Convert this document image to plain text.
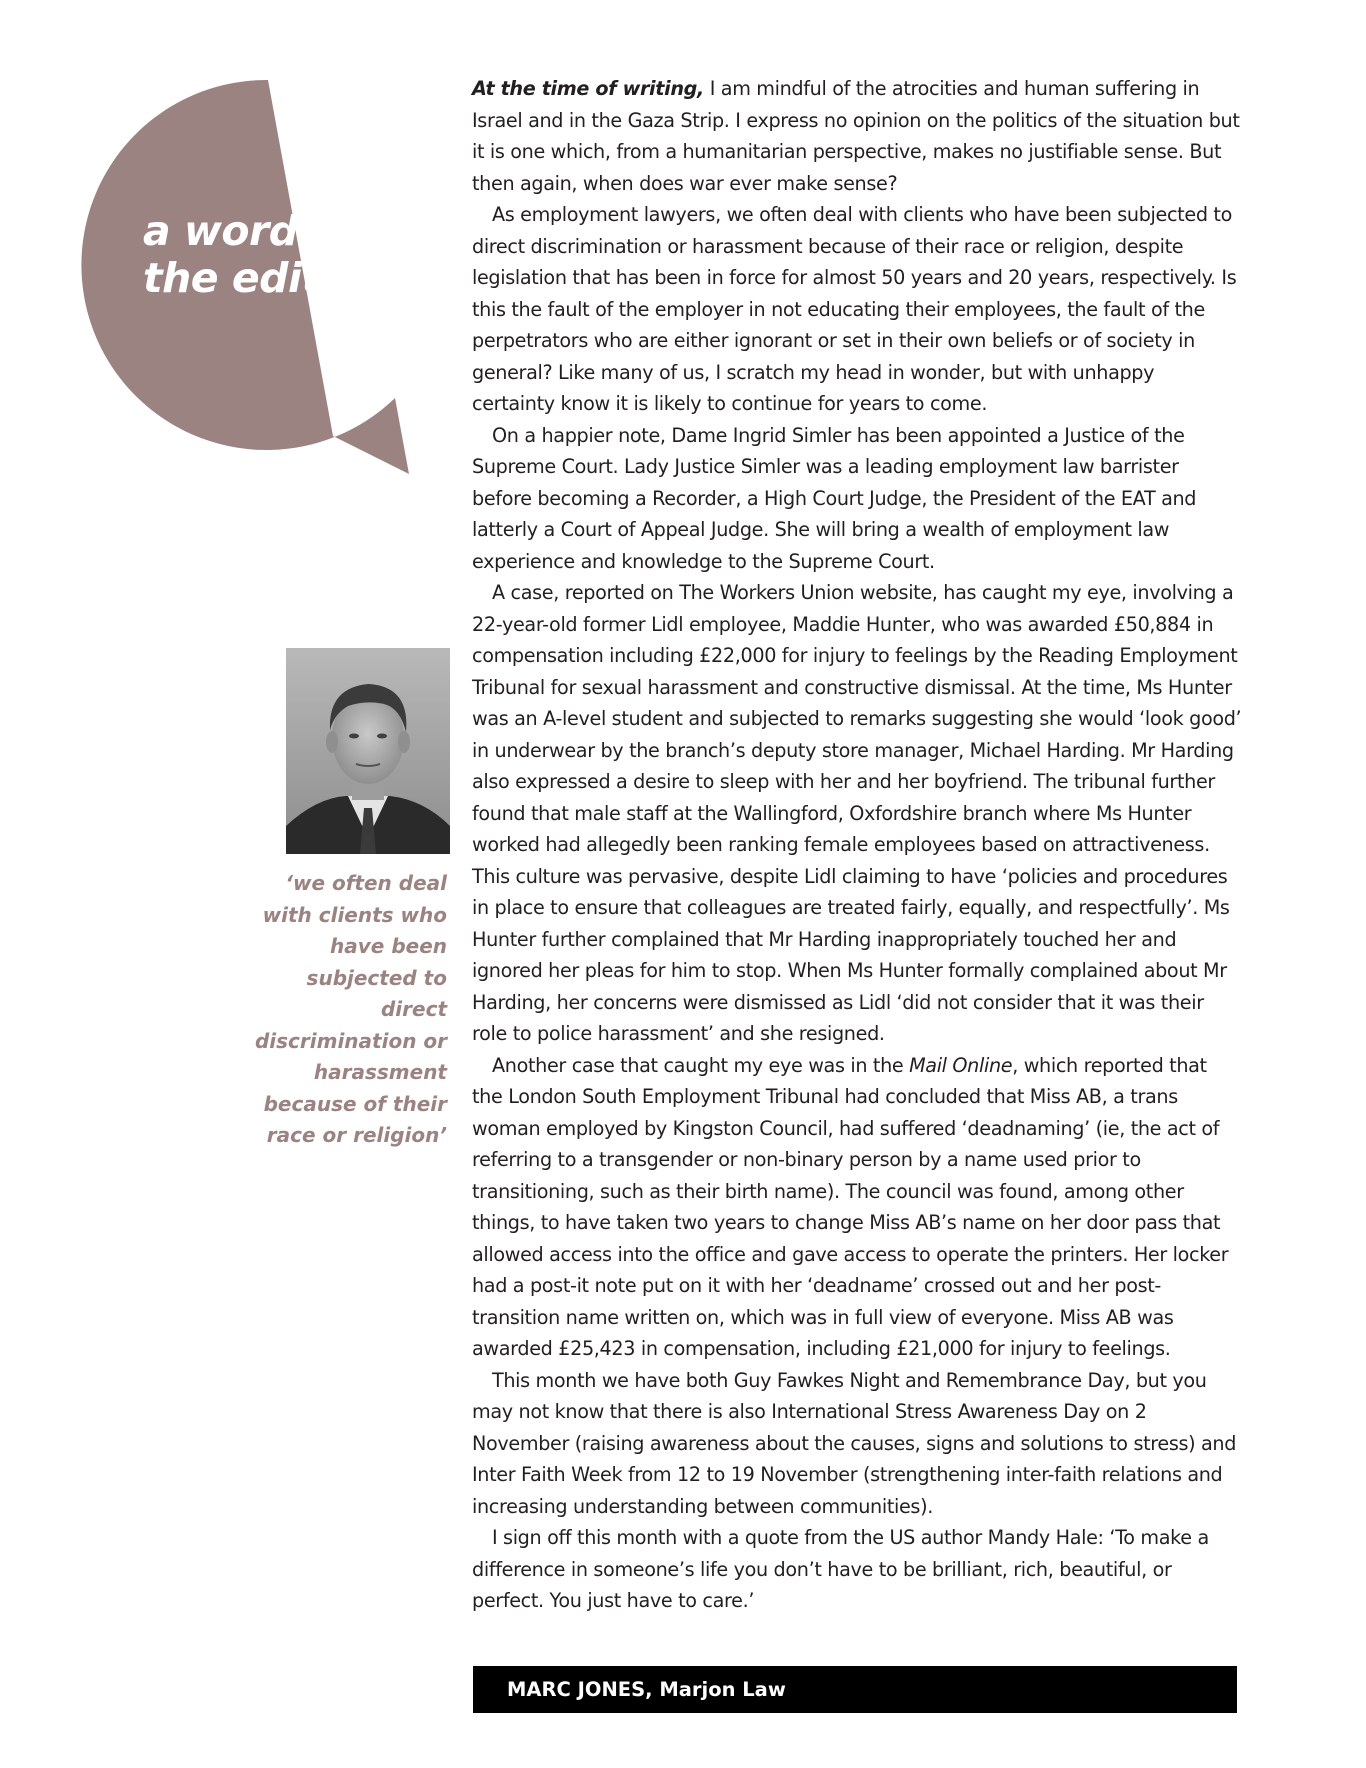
a word from
the editor

‘we often deal with clients who have been subjected to direct discrimination or harassment because of their race or religion’

At the time of writing, I am mindful of the atrocities and human suffering in Israel and in the Gaza Strip. I express no opinion on the politics of the situation but it is one which, from a humanitarian perspective, makes no justifiable sense. But then again, when does war ever make sense?

As employment lawyers, we often deal with clients who have been subjected to direct discrimination or harassment because of their race or religion, despite legislation that has been in force for almost 50 years and 20 years, respectively. Is this the fault of the employer in not educating their employees, the fault of the perpetrators who are either ignorant or set in their own beliefs or of society in general? Like many of us, I scratch my head in wonder, but with unhappy certainty know it is likely to continue for years to come.

On a happier note, Dame Ingrid Simler has been appointed a Justice of the Supreme Court. Lady Justice Simler was a leading employment law barrister before becoming a Recorder, a High Court Judge, the President of the EAT and latterly a Court of Appeal Judge. She will bring a wealth of employment law experience and knowledge to the Supreme Court.

A case, reported on The Workers Union website, has caught my eye, involving a 22-year-old former Lidl employee, Maddie Hunter, who was awarded £50,884 in compensation including £22,000 for injury to feelings by the Reading Employment Tribunal for sexual harassment and constructive dismissal. At the time, Ms Hunter was an A-level student and subjected to remarks suggesting she would ‘look good’ in underwear by the branch’s deputy store manager, Michael Harding. Mr Harding also expressed a desire to sleep with her and her boyfriend. The tribunal further found that male staff at the Wallingford, Oxfordshire branch where Ms Hunter worked had allegedly been ranking female employees based on attractiveness. This culture was pervasive, despite Lidl claiming to have ‘policies and procedures in place to ensure that colleagues are treated fairly, equally, and respectfully’. Ms Hunter further complained that Mr Harding inappropriately touched her and ignored her pleas for him to stop. When Ms Hunter formally complained about Mr Harding, her concerns were dismissed as Lidl ‘did not consider that it was their role to police harassment’ and she resigned.

Another case that caught my eye was in the Mail Online, which reported that the London South Employment Tribunal had concluded that Miss AB, a trans woman employed by Kingston Council, had suffered ‘deadnaming’ (ie, the act of referring to a transgender or non-binary person by a name used prior to transitioning, such as their birth name). The council was found, among other things, to have taken two years to change Miss AB’s name on her door pass that allowed access into the office and gave access to operate the printers. Her locker had a post-it note put on it with her ‘deadname’ crossed out and her post-transition name written on, which was in full view of everyone. Miss AB was awarded £25,423 in compensation, including £21,000 for injury to feelings.

This month we have both Guy Fawkes Night and Remembrance Day, but you may not know that there is also International Stress Awareness Day on 2 November (raising awareness about the causes, signs and solutions to stress) and Inter Faith Week from 12 to 19 November (strengthening inter-faith relations and increasing understanding between communities).

I sign off this month with a quote from the US author Mandy Hale: ‘To make a difference in someone’s life you don’t have to be brilliant, rich, beautiful, or perfect. You just have to care.’

MARC JONES, Marjon Law
